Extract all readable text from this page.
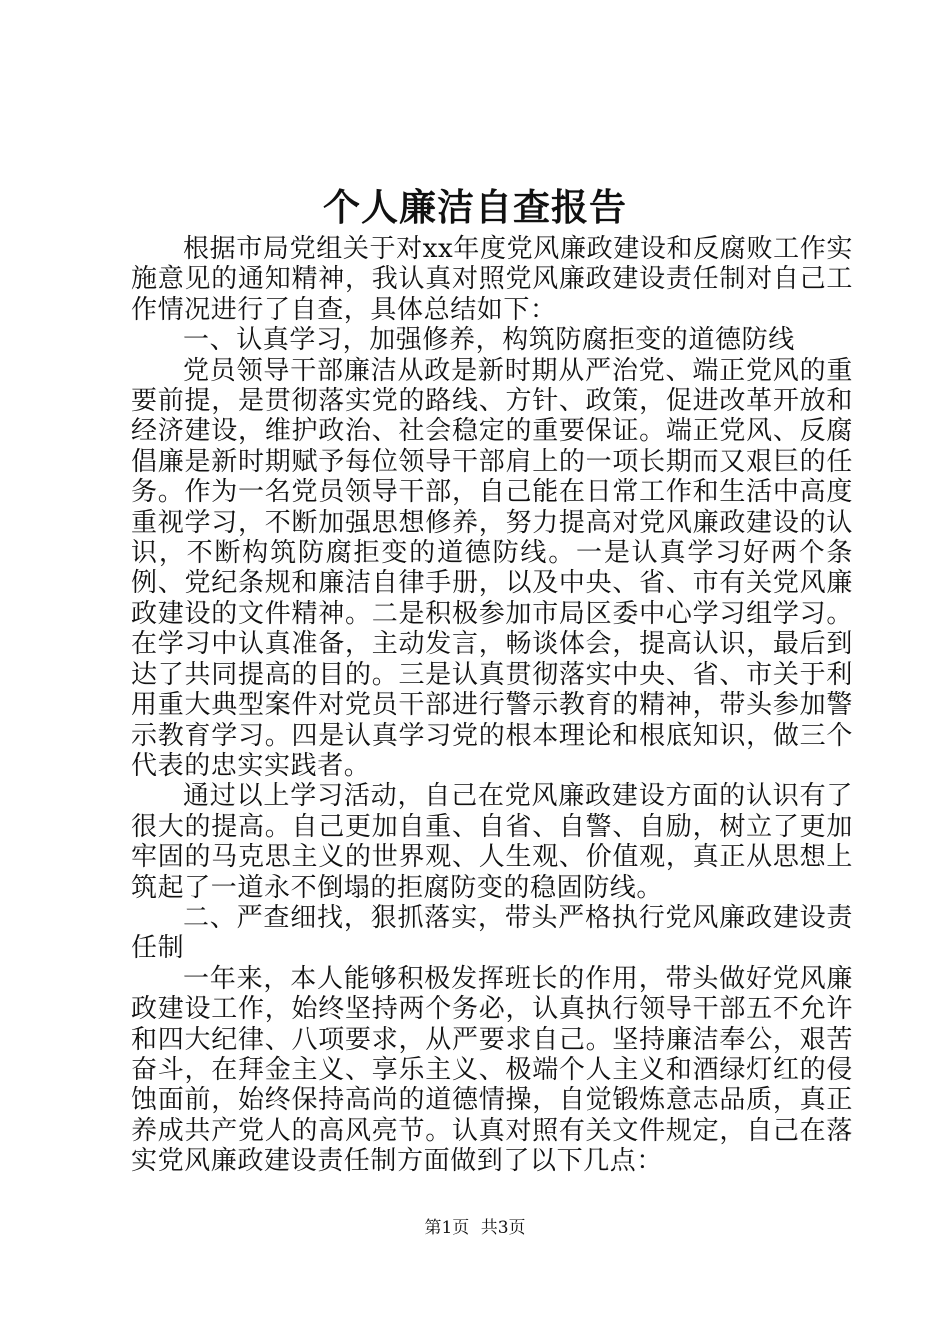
个人廉洁自查报告

根据市局党组关于对xx年度党风廉政建设和反腐败工作实施意见的通知精神，我认真对照党风廉政建设责任制对自己工作情况进行了自查，具体总结如下：

一、认真学习，加强修养，构筑防腐拒变的道德防线

党员领导干部廉洁从政是新时期从严治党、端正党风的重要前提，是贯彻落实党的路线、方针、政策，促进改革开放和经济建设，维护政治、社会稳定的重要保证。端正党风、反腐倡廉是新时期赋予每位领导干部肩上的一项长期而又艰巨的任务。作为一名党员领导干部，自己能在日常工作和生活中高度重视学习，不断加强思想修养，努力提高对党风廉政建设的认识，不断构筑防腐拒变的道德防线。一是认真学习好两个条例、党纪条规和廉洁自律手册，以及中央、省、市有关党风廉政建设的文件精神。二是积极参加市局区委中心学习组学习。在学习中认真准备，主动发言，畅谈体会，提高认识，最后到达了共同提高的目的。三是认真贯彻落实中央、省、市关于利用重大典型案件对党员干部进行警示教育的精神，带头参加警示教育学习。四是认真学习党的根本理论和根底知识，做三个代表的忠实实践者。

通过以上学习活动，自己在党风廉政建设方面的认识有了很大的提高。自己更加自重、自省、自警、自励，树立了更加牢固的马克思主义的世界观、人生观、价值观，真正从思想上筑起了一道永不倒塌的拒腐防变的稳固防线。

二、严查细找，狠抓落实，带头严格执行党风廉政建设责任制

一年来，本人能够积极发挥班长的作用，带头做好党风廉政建设工作，始终坚持两个务必，认真执行领导干部五不允许和四大纪律、八项要求，从严要求自己。坚持廉洁奉公，艰苦奋斗，在拜金主义、享乐主义、极端个人主义和酒绿灯红的侵蚀面前，始终保持高尚的道德情操，自觉锻炼意志品质，真正养成共产党人的高风亮节。认真对照有关文件规定，自己在落实党风廉政建设责任制方面做到了以下几点：

第1页 共3页
